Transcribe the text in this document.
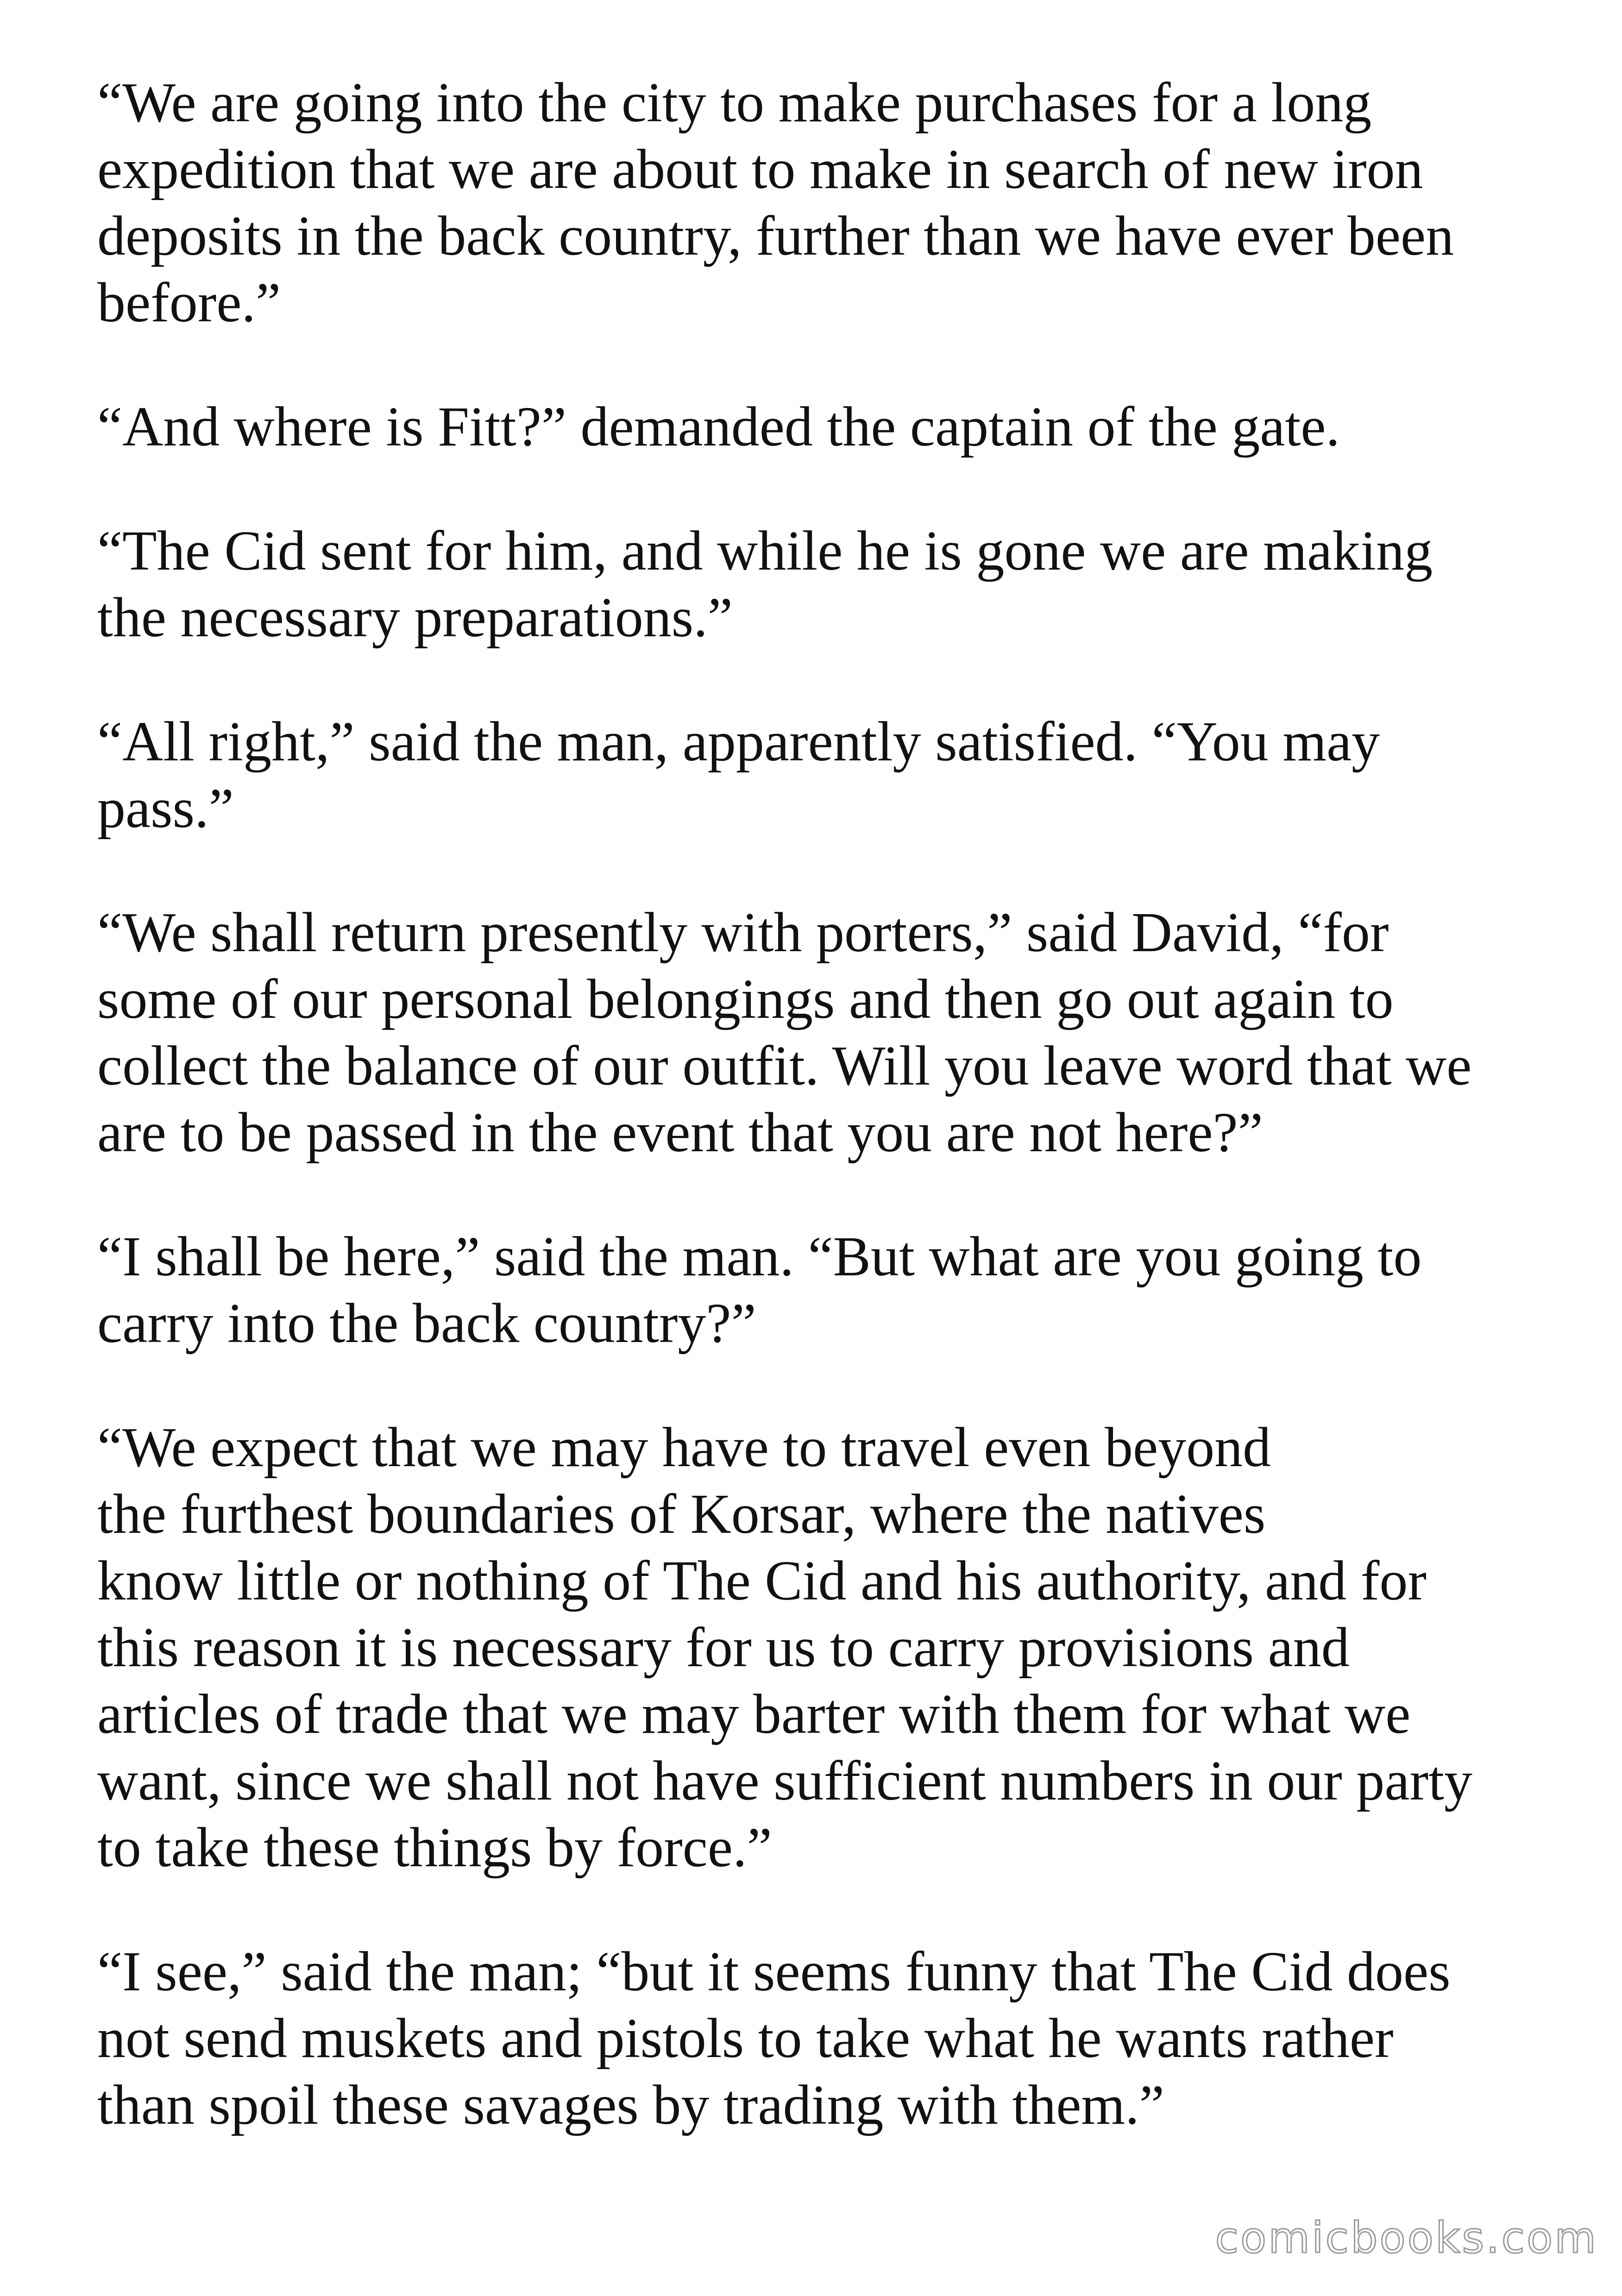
“We are going into the city to make purchases for a long
expedition that we are about to make in search of new iron
deposits in the back country, further than we have ever been
before.”

“And where is Fitt?” demanded the captain of the gate.

“The Cid sent for him, and while he is gone we are making
the necessary preparations.”

“All right,” said the man, apparently satisfied. “You may
pass.”

“We shall return presently with porters,” said David, “for
some of our personal belongings and then go out again to
collect the balance of our outfit. Will you leave word that we
are to be passed in the event that you are not here?”

“I shall be here,” said the man. “But what are you going to
carry into the back country?”

“We expect that we may have to travel even beyond
the furthest boundaries of Korsar, where the natives
know little or nothing of The Cid and his authority, and for
this reason it is necessary for us to carry provisions and
articles of trade that we may barter with them for what we
want, since we shall not have sufficient numbers in our party
to take these things by force.”

“I see,” said the man; “but it seems funny that The Cid does
not send muskets and pistols to take what he wants rather
than spoil these savages by trading with them.”

comicbooks.com
